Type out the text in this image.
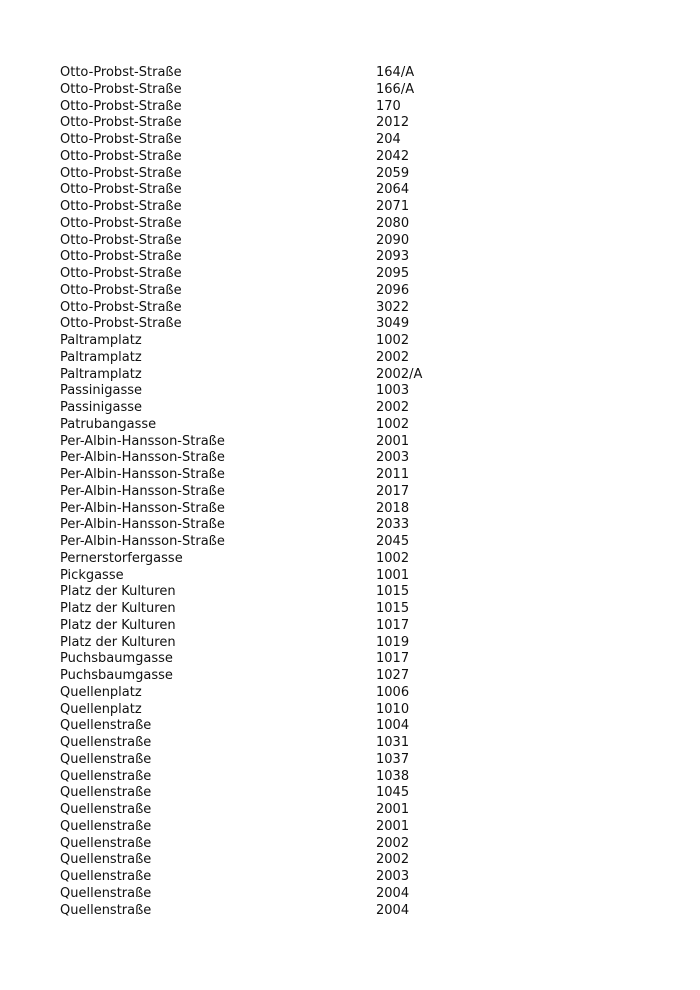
Otto-Probst-Straße	164/A
Otto-Probst-Straße	166/A
Otto-Probst-Straße	170
Otto-Probst-Straße	2012
Otto-Probst-Straße	204
Otto-Probst-Straße	2042
Otto-Probst-Straße	2059
Otto-Probst-Straße	2064
Otto-Probst-Straße	2071
Otto-Probst-Straße	2080
Otto-Probst-Straße	2090
Otto-Probst-Straße	2093
Otto-Probst-Straße	2095
Otto-Probst-Straße	2096
Otto-Probst-Straße	3022
Otto-Probst-Straße	3049
Paltramplatz	1002
Paltramplatz	2002
Paltramplatz	2002/A
Passinigasse	1003
Passinigasse	2002
Patrubangasse	1002
Per-Albin-Hansson-Straße	2001
Per-Albin-Hansson-Straße	2003
Per-Albin-Hansson-Straße	2011
Per-Albin-Hansson-Straße	2017
Per-Albin-Hansson-Straße	2018
Per-Albin-Hansson-Straße	2033
Per-Albin-Hansson-Straße	2045
Pernerstorfergasse	1002
Pickgasse	1001
Platz der Kulturen	1015
Platz der Kulturen	1015
Platz der Kulturen	1017
Platz der Kulturen	1019
Puchsbaumgasse	1017
Puchsbaumgasse	1027
Quellenplatz	1006
Quellenplatz	1010
Quellenstraße	1004
Quellenstraße	1031
Quellenstraße	1037
Quellenstraße	1038
Quellenstraße	1045
Quellenstraße	2001
Quellenstraße	2001
Quellenstraße	2002
Quellenstraße	2002
Quellenstraße	2003
Quellenstraße	2004
Quellenstraße	2004
